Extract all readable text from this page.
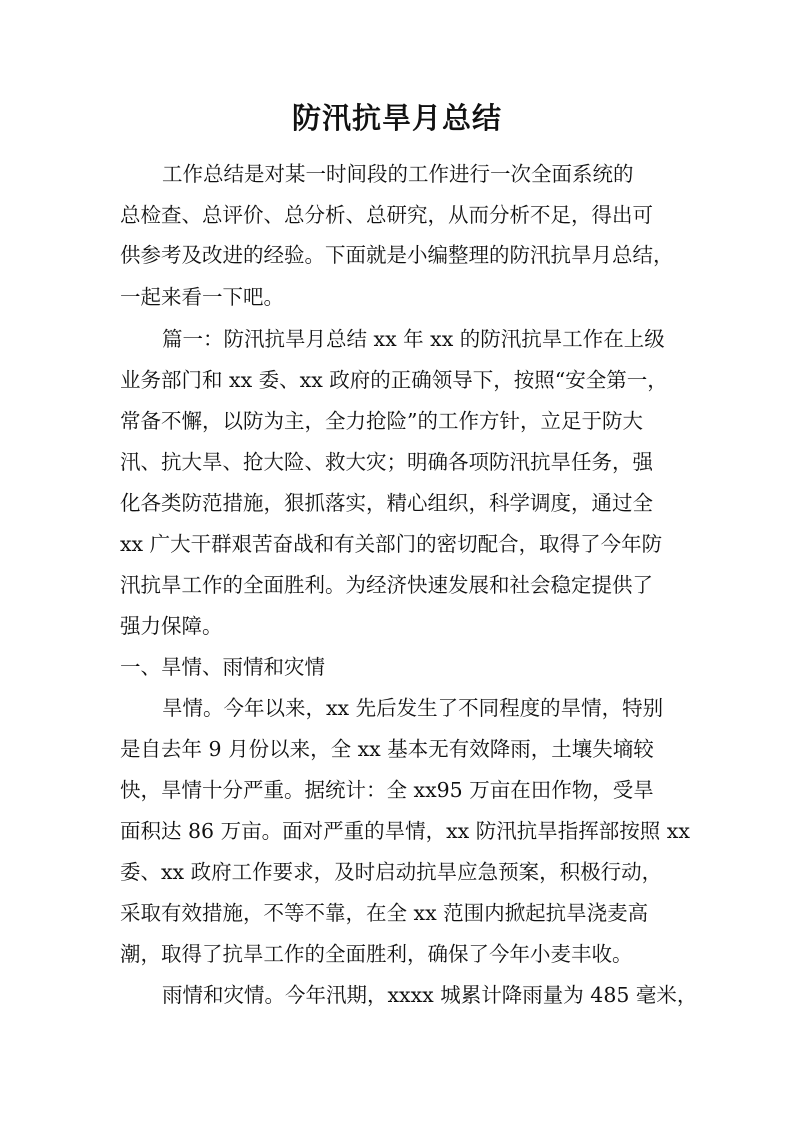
防汛抗旱月总结

工作总结是对某一时间段的工作进行一次全面系统的

总检查、总评价、总分析、总研究，从而分析不足，得出可

供参考及改进的经验。下面就是小编整理的防汛抗旱月总结，

一起来看一下吧。

篇一：防汛抗旱月总结 xx 年 xx 的防汛抗旱工作在上级

业务部门和 xx 委、xx 政府的正确领导下，按照“安全第一，

常备不懈，以防为主，全力抢险”的工作方针，立足于防大

汛、抗大旱、抢大险、救大灾；明确各项防汛抗旱任务，强

化各类防范措施，狠抓落实，精心组织，科学调度，通过全

xx 广大干群艰苦奋战和有关部门的密切配合，取得了今年防

汛抗旱工作的全面胜利。为经济快速发展和社会稳定提供了

强力保障。

一、旱情、雨情和灾情

旱情。今年以来，xx 先后发生了不同程度的旱情，特别

是自去年 9 月份以来，全 xx 基本无有效降雨，土壤失墒较

快，旱情十分严重。据统计：全 xx95 万亩在田作物，受旱

面积达 86 万亩。面对严重的旱情，xx 防汛抗旱指挥部按照 xx

委、xx 政府工作要求，及时启动抗旱应急预案，积极行动，

采取有效措施，不等不靠，在全 xx 范围内掀起抗旱浇麦高

潮，取得了抗旱工作的全面胜利，确保了今年小麦丰收。

雨情和灾情。今年汛期，xxxx 城累计降雨量为 485 毫米，
